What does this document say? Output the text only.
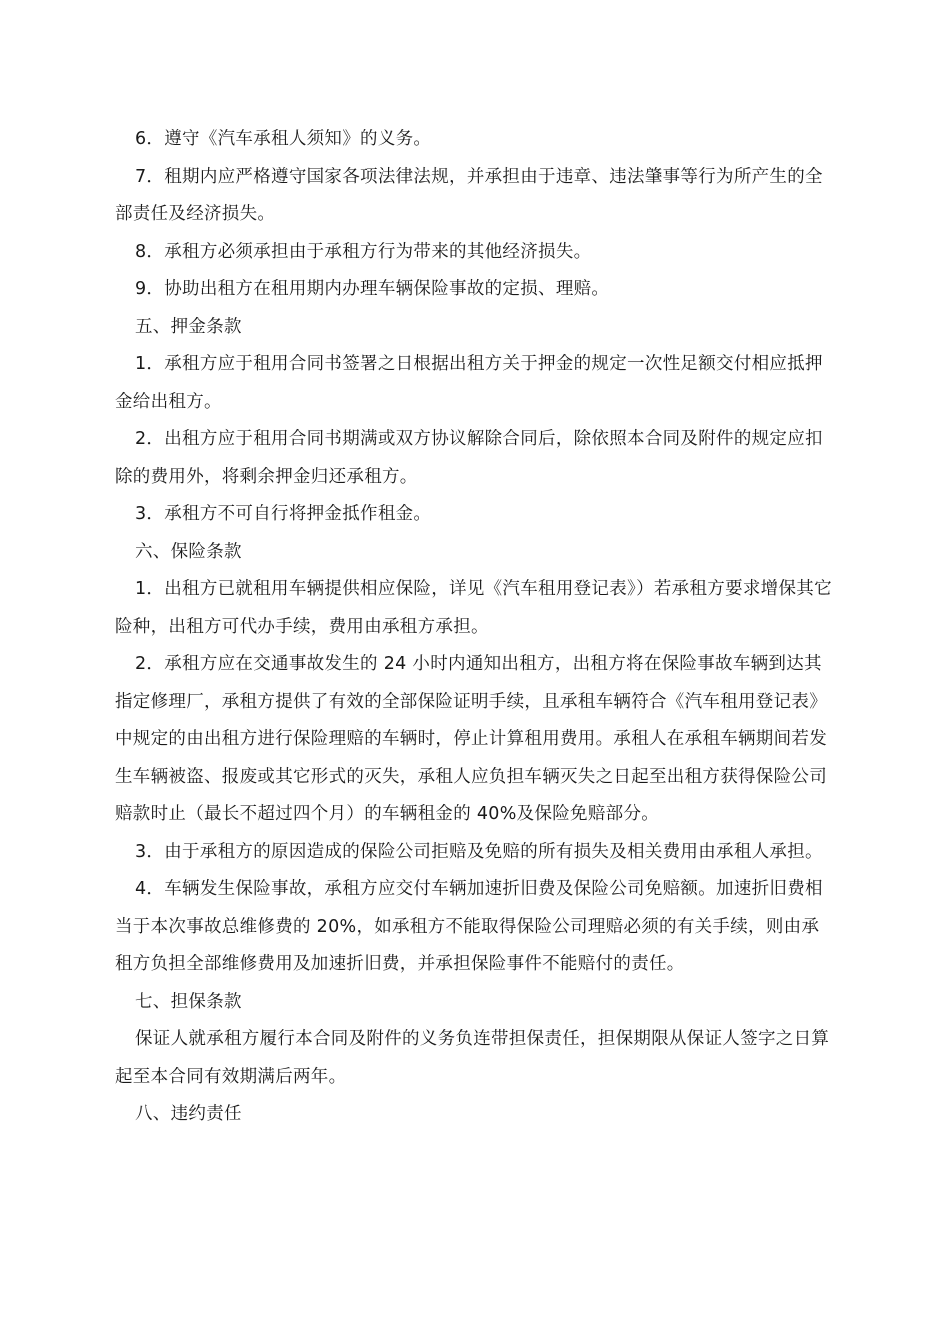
6．遵守《汽车承租人须知》的义务。

7．租期内应严格遵守国家各项法律法规，并承担由于违章、违法肇事等行为所产生的全部责任及经济损失。

8．承租方必须承担由于承租方行为带来的其他经济损失。

9．协助出租方在租用期内办理车辆保险事故的定损、理赔。

五、押金条款

1．承租方应于租用合同书签署之日根据出租方关于押金的规定一次性足额交付相应抵押 金给出租方。

2．出租方应于租用合同书期满或双方协议解除合同后，除依照本合同及附件的规定应扣除的费用外，将剩余押金归还承租方。

3．承租方不可自行将押金抵作租金。

六、保险条款

1．出租方已就租用车辆提供相应保险，详见《汽车租用登记表》）若承租方要求增保其它险种，出租方可代办手续，费用由承租方承担。

2．承租方应在交通事故发生的 24 小时内通知出租方，出租方将在保险事故车辆到达其指定修理厂，承租方提供了有效的全部保险证明手续，且承租车辆符合《汽车租用登记表》中规定的由出租方进行保险理赔的车辆时，停止计算租用费用。承租人在承租车辆期间若发生车辆被盗、报废或其它形式的灭失，承租人应负担车辆灭失之日起至出租方获得保险公司赔款时止（最长不超过四个月）的车辆租金的 40%及保险免赔部分。

3．由于承租方的原因造成的保险公司拒赔及免赔的所有损失及相关费用由承租人承担。

4．车辆发生保险事故，承租方应交付车辆加速折旧费及保险公司免赔额。加速折旧费相当于本次事故总维修费的 20%，如承租方不能取得保险公司理赔必须的有关手续，则由承租方负担全部维修费用及加速折旧费，并承担保险事件不能赔付的责任。

七、担保条款

保证人就承租方履行本合同及附件的义务负连带担保责任，担保期限从保证人签字之日算起至本合同有效期满后两年。

八、违约责任
